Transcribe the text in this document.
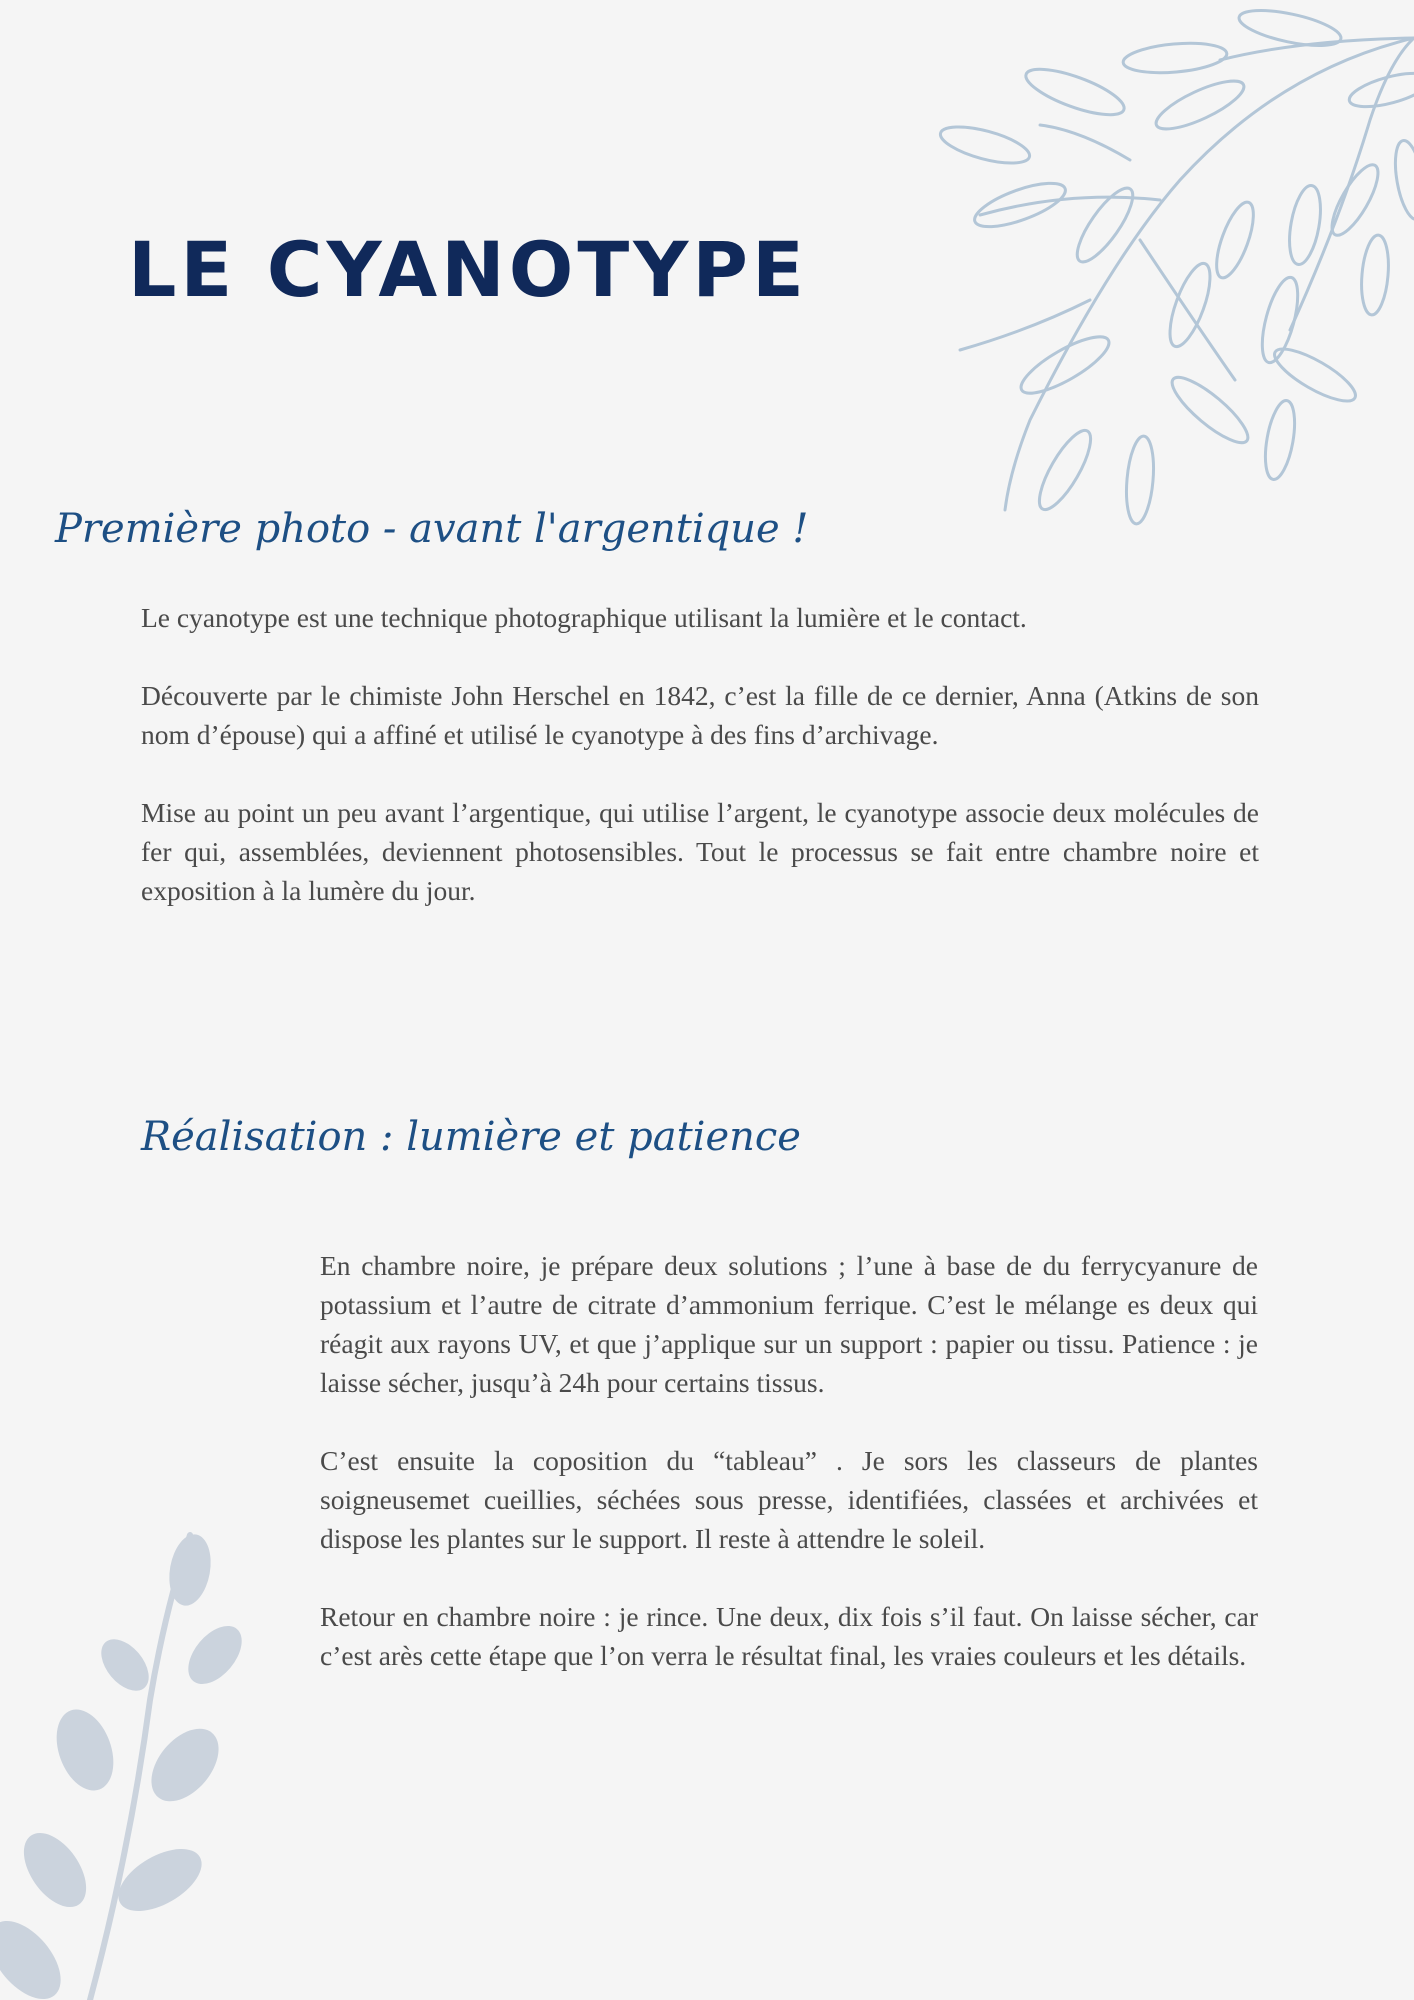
LE CYANOTYPE
Première photo - avant l'argentique !

Le cyanotype est une technique photographique utilisant la lumière et le contact.

Découverte par le chimiste John Herschel en 1842, c’est la fille de ce dernier, Anna (Atkins de son nom d’épouse) qui a affiné et utilisé le cyanotype à des fins d’archivage.

Mise au point un peu avant l’argentique, qui utilise l’argent, le cyanotype associe deux molécules de fer qui, assemblées, deviennent photosensibles. Tout le processus se fait entre chambre noire et exposition à la lumère du jour.

Réalisation : lumière et patience

En chambre noire, je prépare deux solutions ; l’une à base de du ferrycyanure de potassium et l’autre de citrate d’ammonium ferrique. C’est le mélange es deux qui réagit aux rayons UV, et que j’applique sur un support : papier ou tissu. Patience : je laisse sécher, jusqu’à 24h pour certains tissus.

C’est ensuite la coposition du “tableau” . Je sors les classeurs de plantes soigneusemet cueillies, séchées sous presse, identifiées, classées et archivées et dispose les plantes sur le support. Il reste à attendre le soleil.

Retour en chambre noire : je rince. Une deux, dix fois s’il faut. On laisse sécher, car c’est arès cette étape que l’on verra le résultat final, les vraies couleurs et les détails.
